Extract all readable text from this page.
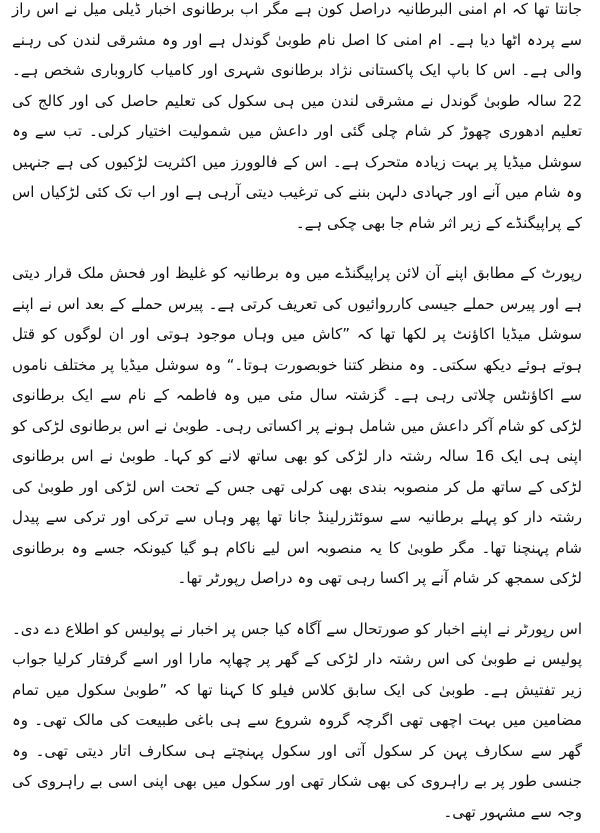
جانتا تھا کہ ام امنی البرطانیہ دراصل کون ہے مگر اب برطانوی اخبار ڈیلی میل نے اس راز سے پردہ اٹھا دیا ہے۔ ام امنی کا اصل نام طوبیٰ گوندل ہے اور وہ مشرقی لندن کی رہنے والی ہے۔ اس کا باپ ایک پاکستانی نژاد برطانوی شہری اور کامیاب کاروباری شخص ہے۔ 22 سالہ طوبیٰ گوندل نے مشرقی لندن میں ہی سکول کی تعلیم حاصل کی اور کالج کی تعلیم ادھوری چھوڑ کر شام چلی گئی اور داعش میں شمولیت اختیار کرلی۔ تب سے وہ سوشل میڈیا پر بہت زیادہ متحرک ہے۔ اس کے فالوورز میں اکثریت لڑکیوں کی ہے جنہیں وہ شام میں آنے اور جہادی دلہن بننے کی ترغیب دیتی آرہی ہے اور اب تک کئی لڑکیاں اس کے پراپیگنڈے کے زیر اثر شام جا بھی چکی ہے۔

رپورٹ کے مطابق اپنے آن لائن پراپیگنڈے میں وہ برطانیہ کو غلیظ اور فحش ملک قرار دیتی ہے اور پیرس حملے جیسی کارروائیوں کی تعریف کرتی ہے۔ پیرس حملے کے بعد اس نے اپنے سوشل میڈیا اکاؤنٹ پر لکھا تھا کہ ”کاش میں وہاں موجود ہوتی اور ان لوگوں کو قتل ہوتے ہوئے دیکھ سکتی۔ وہ منظر کتنا خوبصورت ہوتا۔“ وہ سوشل میڈیا پر مختلف ناموں سے اکاؤنٹس چلاتی رہی ہے۔ گزشتہ سال مئی میں وہ فاطمہ کے نام سے ایک برطانوی لڑکی کو شام آکر داعش میں شامل ہونے پر اکساتی رہی۔ طوبیٰ نے اس برطانوی لڑکی کو اپنی ہی ایک 16 سالہ رشتہ دار لڑکی کو بھی ساتھ لانے کو کہا۔ طوبیٰ نے اس برطانوی لڑکی کے ساتھ مل کر منصوبہ بندی بھی کرلی تھی جس کے تحت اس لڑکی اور طوبیٰ کی رشتہ دار کو پہلے برطانیہ سے سوئٹزرلینڈ جانا تھا پھر وہاں سے ترکی اور ترکی سے پیدل شام پہنچنا تھا۔ مگر طوبیٰ کا یہ منصوبہ اس لیے ناکام ہو گیا کیونکہ جسے وہ برطانوی لڑکی سمجھ کر شام آنے پر اکسا رہی تھی وہ دراصل رپورٹر تھا۔

اس رپورٹر نے اپنے اخبار کو صورتحال سے آگاہ کیا جس پر اخبار نے پولیس کو اطلاع دے دی۔ پولیس نے طوبیٰ کی اس رشتہ دار لڑکی کے گھر پر چھاپہ مارا اور اسے گرفتار کرلیا جواب زیر تفتیش ہے۔ طوبیٰ کی ایک سابق کلاس فیلو کا کہنا تھا کہ ”طوبیٰ سکول میں تمام مضامین میں بہت اچھی تھی اگرچہ گروہ شروع سے ہی باغی طبیعت کی مالک تھی۔ وہ گھر سے سکارف پہن کر سکول آتی اور سکول پہنچتے ہی سکارف اتار دیتی تھی۔ وہ جنسی طور پر بے راہروی کی بھی شکار تھی اور سکول میں بھی اپنی اسی بے راہروی کی وجہ سے مشہور تھی۔
